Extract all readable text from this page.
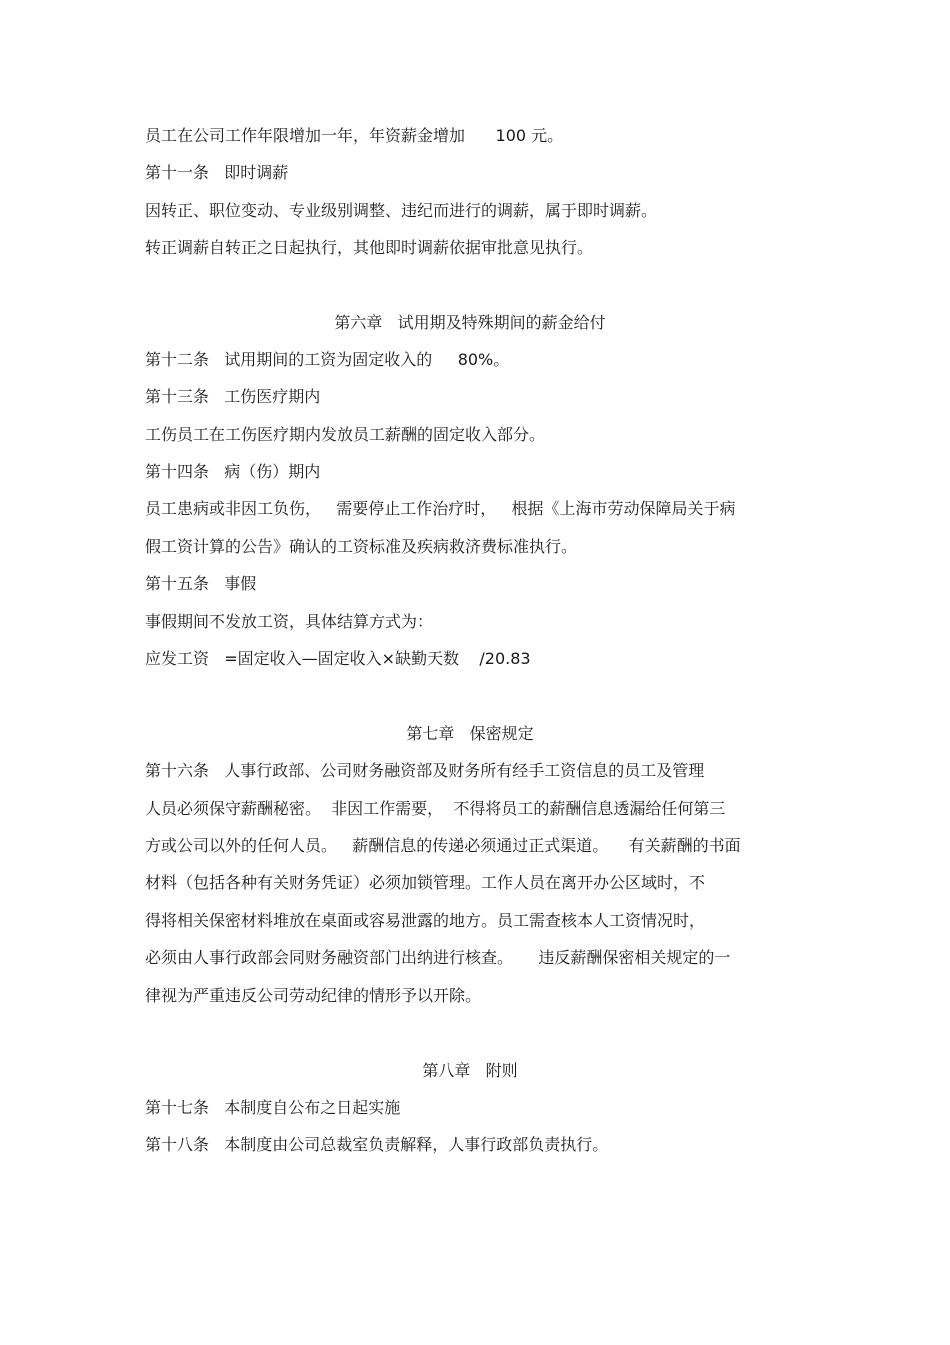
员工在公司工作年限增加一年，年资薪金增加      100 元。
第十一条   即时调薪
因转正、职位变动、专业级别调整、违纪而进行的调薪，属于即时调薪。
转正调薪自转正之日起执行，其他即时调薪依据审批意见执行。
第六章   试用期及特殊期间的薪金给付
第十二条   试用期间的工资为固定收入的     80%。
第十三条   工伤医疗期内
工伤员工在工伤医疗期内发放员工薪酬的固定收入部分。
第十四条   病（伤）期内
员工患病或非因工负伤，   需要停止工作治疗时，   根据《上海市劳动保障局关于病
假工资计算的公告》确认的工资标准及疾病救济费标准执行。
第十五条   事假
事假期间不发放工资，具体结算方式为：
应发工资   =固定收入—固定收入×缺勤天数    /20.83
第七章   保密规定
第十六条   人事行政部、公司财务融资部及财务所有经手工资信息的员工及管理
人员必须保守薪酬秘密。  非因工作需要，  不得将员工的薪酬信息透漏给任何第三
方或公司以外的任何人员。   薪酬信息的传递必须通过正式渠道。    有关薪酬的书面
材料（包括各种有关财务凭证）必须加锁管理。工作人员在离开办公区域时，不
得将相关保密材料堆放在桌面或容易泄露的地方。员工需查核本人工资情况时，
必须由人事行政部会同财务融资部门出纳进行核查。     违反薪酬保密相关规定的一
律视为严重违反公司劳动纪律的情形予以开除。
第八章   附则
第十七条   本制度自公布之日起实施
第十八条   本制度由公司总裁室负责解释，人事行政部负责执行。
